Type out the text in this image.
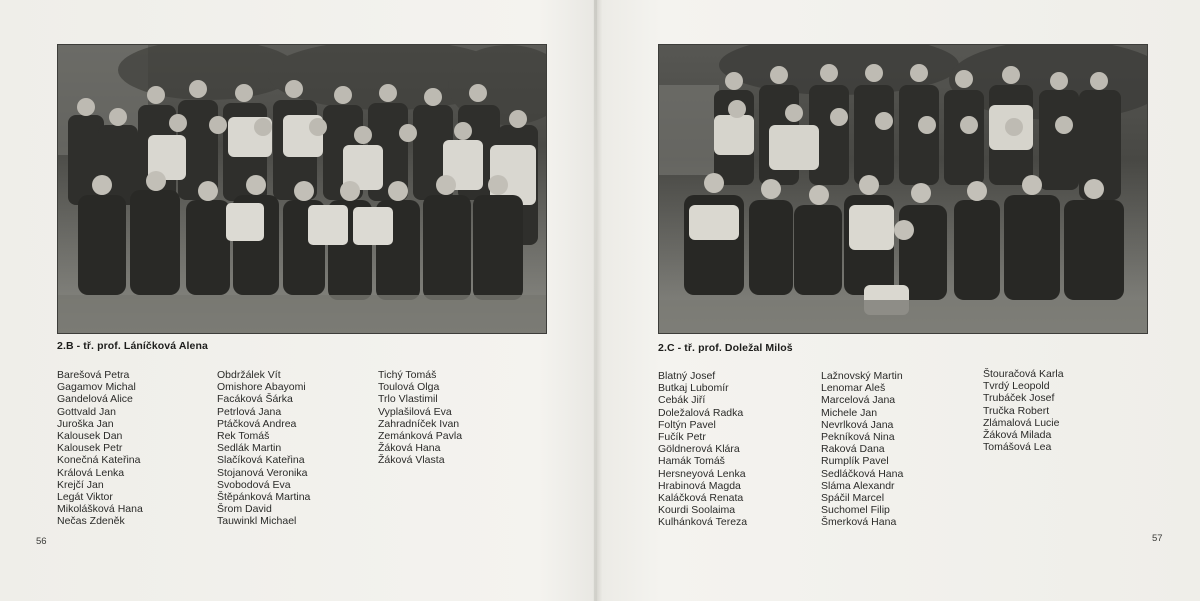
2.B - tř. prof. Láníčková Alena
Barešová Petra
Gagamov Michal
Gandelová Alice
Gottvald Jan
Juroška Jan
Kalousek Dan
Kalousek Petr
Konečná Kateřina
Králová Lenka
Krejčí Jan
Legát Viktor
Mikolášková Hana
Nečas Zdeněk
Obdržálek Vít
Omishore Abayomi
Facáková Šárka
Petrlová Jana
Ptáčková Andrea
Rek Tomáš
Sedlák Martin
Slačíková Kateřina
Stojanová Veronika
Svobodová Eva
Štěpánková Martina
Šrom David
Tauwinkl Michael
Tichý Tomáš
Toulová Olga
Trlo Vlastimil
Vyplašilová Eva
Zahradníček Ivan
Zemánková Pavla
Žáková Hana
Žáková Vlasta
56
2.C - tř. prof. Doležal Miloš
Blatný Josef
Butkaj Lubomír
Cebák Jiří
Doležalová Radka
Foltýn Pavel
Fučík Petr
Göldnerová Klára
Hamák Tomáš
Hersneyová Lenka
Hrabinová Magda
Kaláčková Renata
Kourdi Soolaima
Kulhánková Tereza
Lažnovský Martin
Lenomar Aleš
Marcelová Jana
Michele Jan
Nevrlková Jana
Pekníková Nina
Raková Dana
Rumplík Pavel
Sedláčková Hana
Sláma Alexandr
Spáčil Marcel
Suchomel Filip
Šmerková Hana
Štouračová Karla
Tvrdý Leopold
Trubáček Josef
Tručka Robert
Zlámalová Lucie
Žáková Milada
Tomášová Lea
57
